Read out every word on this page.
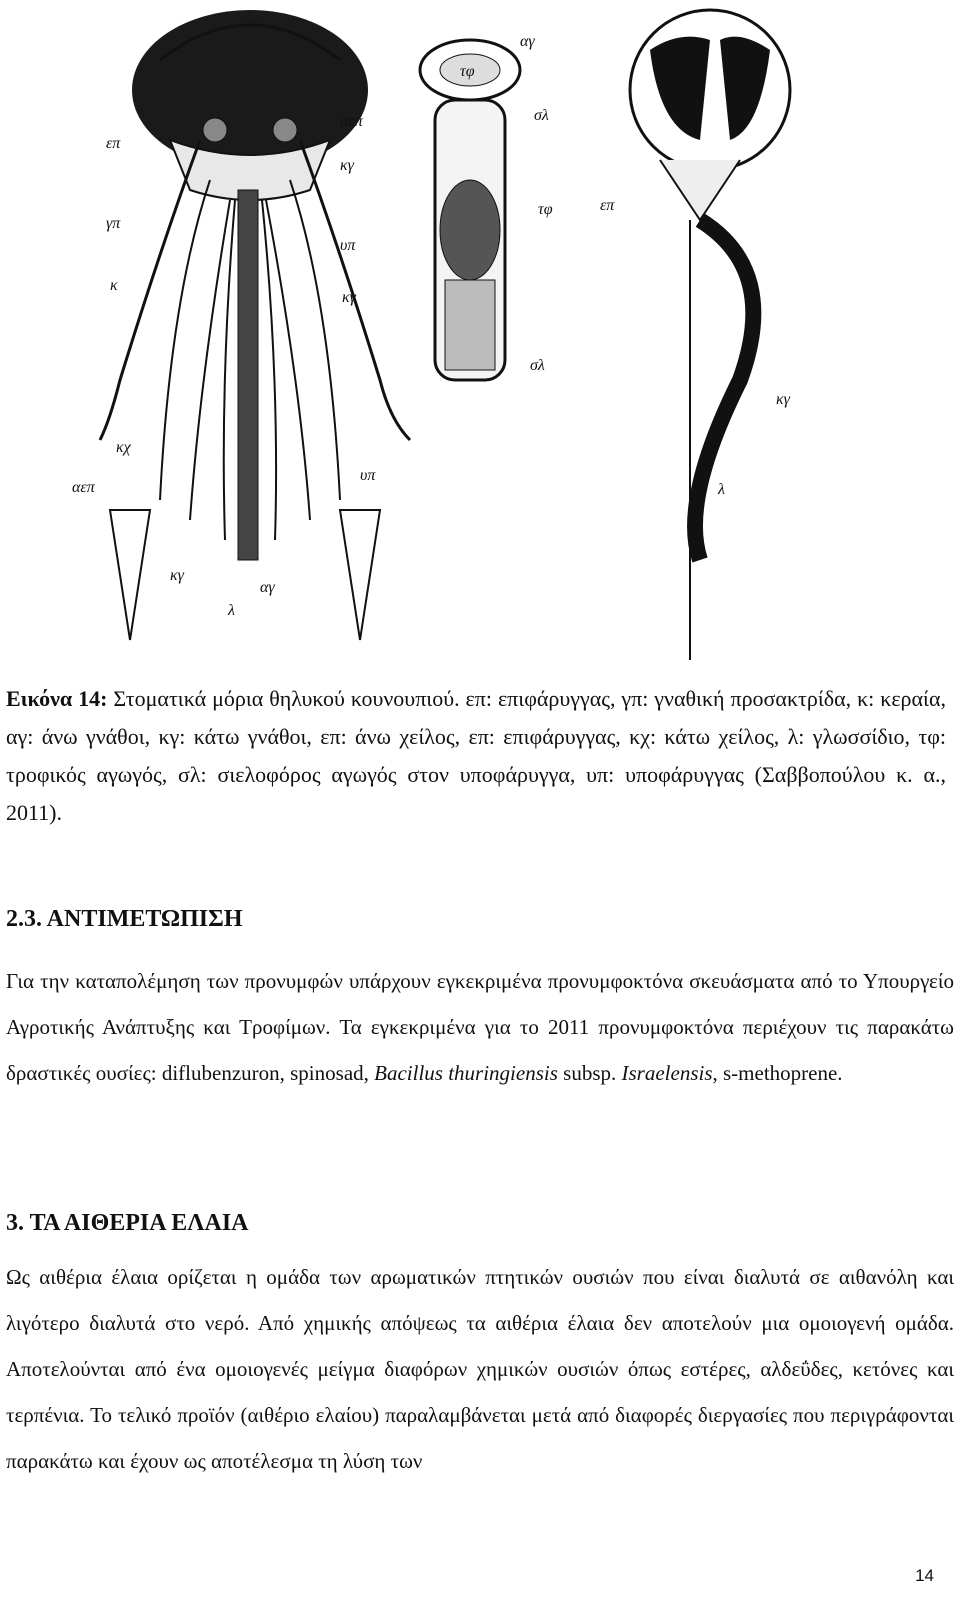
επ
γπ
κ
κχ
αεπ
υπ
κγ
αγ
λ
αγ
τφ
σλ
αεπ
κγ
τφ
υπ
κγ
σλ
επ
κγ
λ
Εικόνα 14: Στοματικά μόρια θηλυκού κουνουπιού. επ: επιφάρυγγας, γπ: γναθική προσακτρίδα, κ: κεραία, αγ: άνω γνάθοι, κγ: κάτω γνάθοι, επ: άνω χείλος, επ: επιφάρυγγας, κχ: κάτω χείλος, λ: γλωσσίδιο, τφ: τροφικός αγωγός, σλ: σιελοφόρος αγωγός στον υποφάρυγγα, υπ: υποφάρυγγας (Σαββοπούλου κ. α., 2011).
2.3. ΑΝΤΙΜΕΤΩΠΙΣΗ
Για την καταπολέμηση των προνυμφών υπάρχουν εγκεκριμένα προνυμφοκτόνα σκευάσματα από το Υπουργείο Αγροτικής Ανάπτυξης και Τροφίμων. Τα εγκεκριμένα για το 2011 προνυμφοκτόνα περιέχουν τις παρακάτω δραστικές ουσίες: diflubenzuron, spinosad, Bacillus thuringiensis subsp. Israelensis, s-methoprene.
3. ΤΑ ΑΙΘΕΡΙΑ ΕΛΑΙΑ
Ως αιθέρια έλαια ορίζεται η ομάδα των αρωματικών πτητικών ουσιών που είναι διαλυτά σε αιθανόλη και λιγότερο διαλυτά στο νερό. Από χημικής απόψεως τα αιθέρια έλαια δεν αποτελούν μια ομοιογενή ομάδα. Αποτελούνται από ένα ομοιογενές μείγμα διαφόρων χημικών ουσιών όπως εστέρες, αλδεΰδες, κετόνες και τερπένια. Το τελικό προϊόν (αιθέριο ελαίου) παραλαμβάνεται μετά από διαφορές διεργασίες που περιγράφονται παρακάτω και έχουν ως αποτέλεσμα τη λύση των
14
